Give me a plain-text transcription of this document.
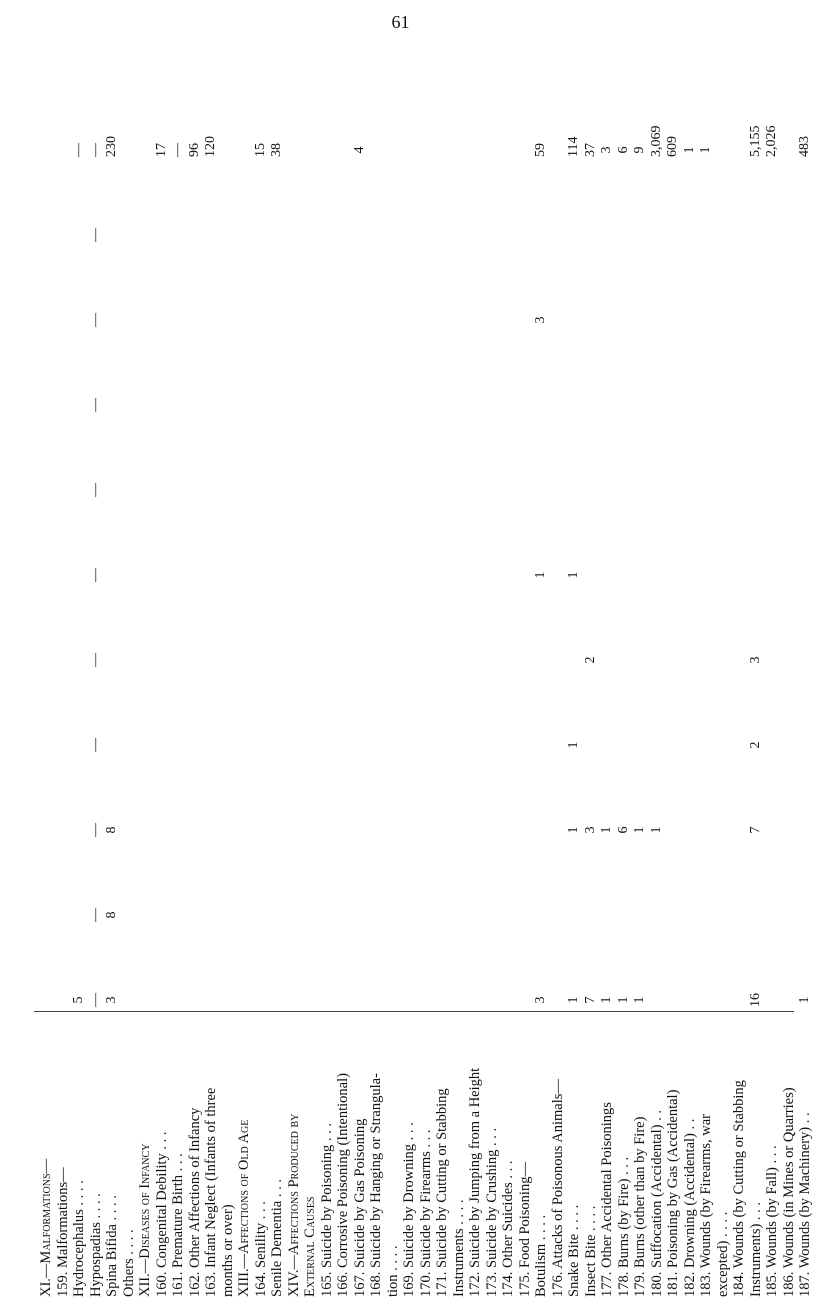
61
XI.—Malformations— 159. Malformations— Hydrocephalus . . . .
5
—
Hypospadias . . . .
—
—
—
—
—
—
—
—
—
—
—
Spina Bifida . . . .
3
8
8
230
Others . . . . XII.—Diseases of Infancy 160. Congenital Debility . . .
17
161. Premature Birth . . .
—
162. Other Affections of Infancy
96
163. Infant Neglect (Infants of three
120
months or over) XIII.—Affections of Old Age 164. Senility . . .
15
Senile Dementia . . .
38
XIV.—Affections Produced by External Causes 165. Suicide by Poisoning . . . 166. Corrosive Poisoning (Intentional) 167. Suicide by Gas Poisoning
4
168. Suicide by Hanging or Strangula- tion . . . . 169. Suicide by Drowning . . . 170. Suicide by Firearms . . . 171. Suicide by Cutting or Stabbing Instruments . . . . 172. Suicide by Jumping from a Height 173. Suicide by Crushing . . . 174. Other Suicides . . . 175. Food Poisoning— Botulism . . . .
3
1
3
59
176. Attacks of Poisonous Animals— Snake Bite . . . .
1
1
1
1
114
Insect Bite . . . .
7
3
2
37
177. Other Accidental Poisonings
1
1
3
178. Burns (by Fire) . . .
1
6
6
179. Burns (other than by Fire)
1
1
9
180. Suffocation (Accidental) . .
1
3,069
181. Poisoning by Gas (Accidental)
609
182. Drowning (Accidental) . .
1
183. Wounds (by Firearms, war
1
excepted) . . . . 184. Wounds (by Cutting or Stabbing Instruments) . . .
16
7
2
3
5,155
185. Wounds (by Fall) . . .
2,026
186. Wounds (in Mines or Quarries) 187. Wounds (by Machinery) . .
1
483
